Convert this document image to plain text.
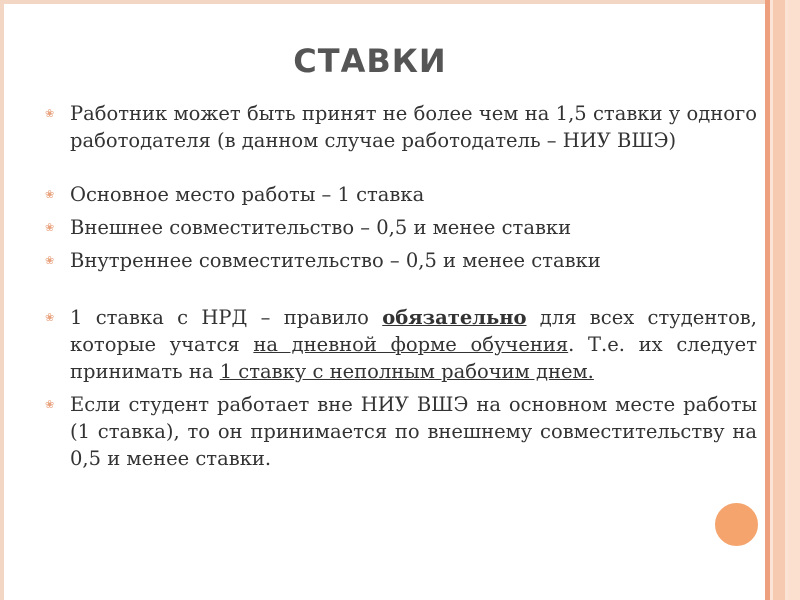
СТАВКИ
❀ Работник может быть принят не более чем на 1,5 ставки у одного работодателя (в данном случае работодатель – НИУ ВШЭ)
❀ Основное место работы – 1 ставка
❀ Внешнее совместительство – 0,5 и менее ставки
❀ Внутреннее совместительство – 0,5 и менее ставки
❀ 1 ставка с НРД – правило обязательно для всех студентов, которые учатся на дневной форме обучения. Т.е. их следует принимать на 1 ставку с неполным рабочим днем.
❀ Если студент работает вне НИУ ВШЭ на основном месте работы (1 ставка), то он принимается по внешнему совместительству на 0,5 и менее ставки.
